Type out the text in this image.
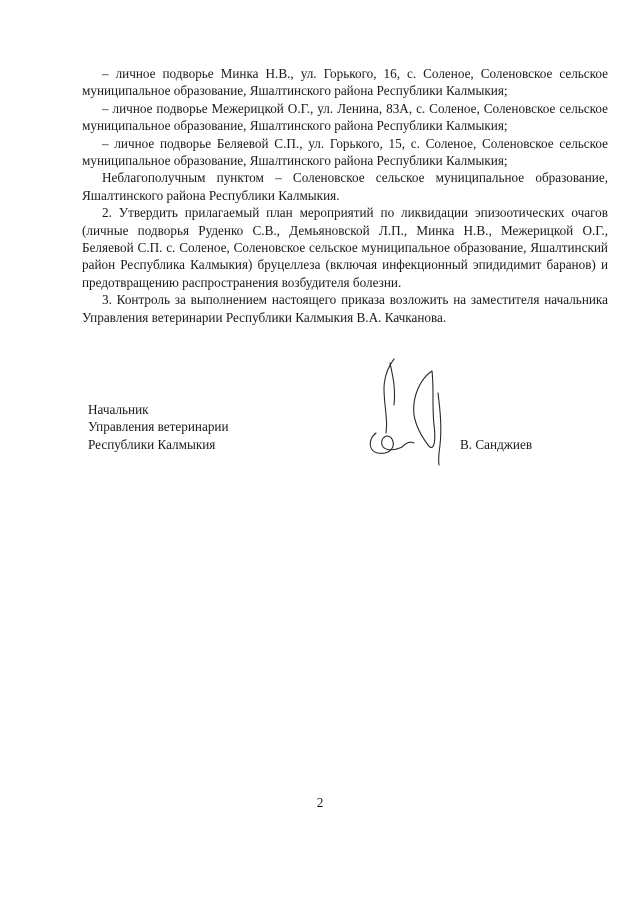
– личное подворье Минка Н.В., ул. Горького, 16, с. Соленое, Соленовское сельское муниципальное образование, Яшалтинского района Республики Калмыкия;

– личное подворье Межерицкой О.Г., ул. Ленина, 83А, с. Соленое, Соленовское сельское муниципальное образование, Яшалтинского района Республики Калмыкия;

– личное подворье Беляевой С.П., ул. Горького, 15, с. Соленое, Соленовское сельское муниципальное образование, Яшалтинского района Республики Калмыкия;

Неблагополучным пунктом – Соленовское сельское муниципальное образование, Яшалтинского района Республики Калмыкия.

2. Утвердить прилагаемый план мероприятий по ликвидации эпизоотических очагов (личные подворья Руденко С.В., Демьяновской Л.П., Минка Н.В., Межерицкой О.Г., Беляевой С.П. с. Соленое, Соленовское сельское муниципальное образование, Яшалтинский район Республика Калмыкия) бруцеллеза (включая инфекционный эпидидимит баранов) и предотвращению распространения возбудителя болезни.

3. Контроль за выполнением настоящего приказа возложить на заместителя начальника Управления ветеринарии Республики Калмыкия В.А. Качканова.

Начальник
Управления ветеринарии
Республики Калмыкия	В. Санджиев
2
